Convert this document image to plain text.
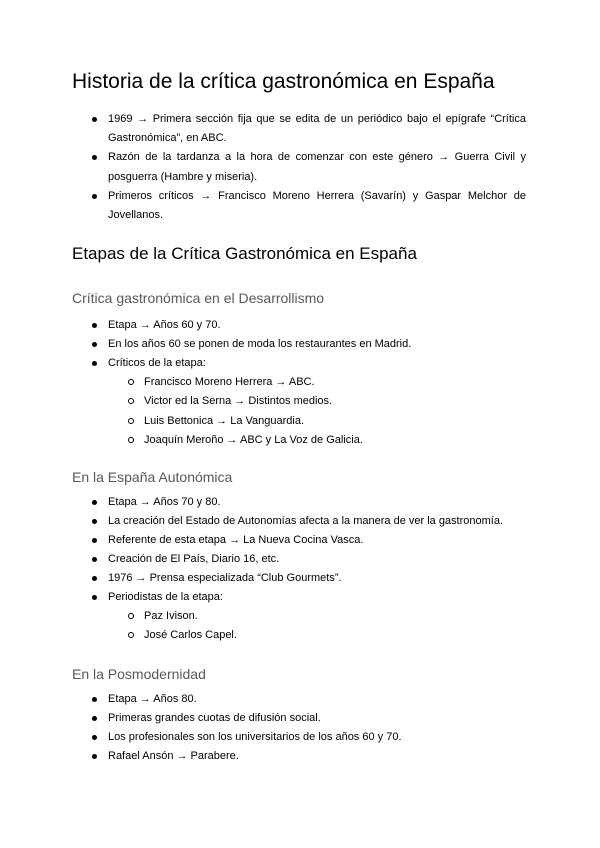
Historia de la crítica gastronómica en España
1969 → Primera sección fija que se edita de un periódico bajo el epígrafe “Crítica Gastronómica”, en ABC.
Razón de la tardanza a la hora de comenzar con este género → Guerra Civil y posguerra (Hambre y miseria).
Primeros críticos → Francisco Moreno Herrera (Savarín) y Gaspar Melchor de Jovellanos.
Etapas de la Crítica Gastronómica en España
Crítica gastronómica en el Desarrollismo
Etapa → Años 60 y 70.
En los años 60 se ponen de moda los restaurantes en Madrid.
Críticos de la etapa:
Francisco Moreno Herrera → ABC.
Victor ed la Serna → Distintos medios.
Luis Bettonica → La Vanguardia.
Joaquín Meroño → ABC y La Voz de Galicia.
En la España Autonómica
Etapa → Años 70 y 80.
La creación del Estado de Autonomías afecta a la manera de ver la gastronomía.
Referente de esta etapa → La Nueva Cocina Vasca.
Creación de El País, Diario 16, etc.
1976 → Prensa especializada “Club Gourmets”.
Periodistas de la etapa:
Paz Ivison.
José Carlos Capel.
En la Posmodernidad
Etapa → Años 80.
Primeras grandes cuotas de difusión social.
Los profesionales son los universitarios de los años 60 y 70.
Rafael Ansón → Parabere.
